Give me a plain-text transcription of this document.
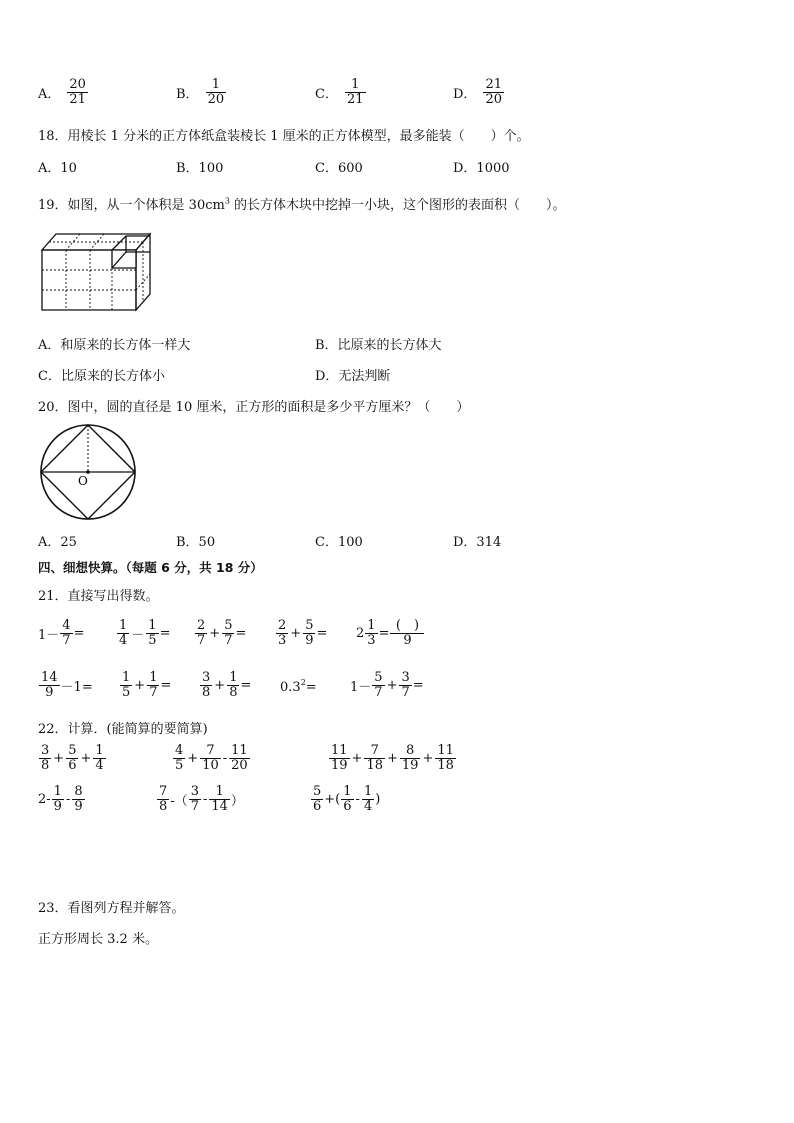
A． $\frac{20}{21}$	B． $\frac{1}{20}$	C． $\frac{1}{21}$	D． $\frac{21}{20}$
18．用棱长 1 分米的正方体纸盒装棱长 1 厘米的正方体模型，最多能装（　　）个。
A．10	B．100	C．600	D．1000
19．如图，从一个体积是 $30cm^3$ 的长方体木块中挖掉一小块，这个图形的表面积（　　）。
A．和原来的长方体一样大	B．比原来的长方体大
C．比原来的长方体小	D．无法判断
20．图中，圆的直径是 10 厘米，正方形的面积是多少平方厘米？（　　）
O
A．25	B．50	C．100	D．314
四、细想快算。（每题 6 分，共 18 分）
21．直接写出得数。
$1- \frac{4}{7}$ =	$\frac{1}{4} - \frac{1}{5} = \frac{2}{7} + \frac{5}{7} = \frac{2}{3} + \frac{5}{9} = 2 \frac{1}{3} = \frac{( )}{9}$
$\frac{14}{9} -1= \frac{1}{5} + \frac{1}{7} = \frac{3}{8} + \frac{1}{8} = 0.3^2$ =	$1- \frac{5}{7} + \frac{3}{7}$ =
22．计算．(能简算的要简算)
$\frac{3}{8} + \frac{5}{6} + \frac{1}{4}$	$\frac{4}{5} + \frac{7}{10} - \frac{11}{20}$	$\frac{11}{19} + \frac{7}{18} + \frac{8}{19} + \frac{11}{18}$
$2- \frac{1}{9} - \frac{8}{9}$	$\frac{7}{8}$ -（ $\frac{3}{7} - \frac{1}{14}$ ）	$\frac{5}{6}$ +( $\frac{1}{6} - \frac{1}{4}$ )
23．看图列方程并解答。
正方形周长 3.2 米。
